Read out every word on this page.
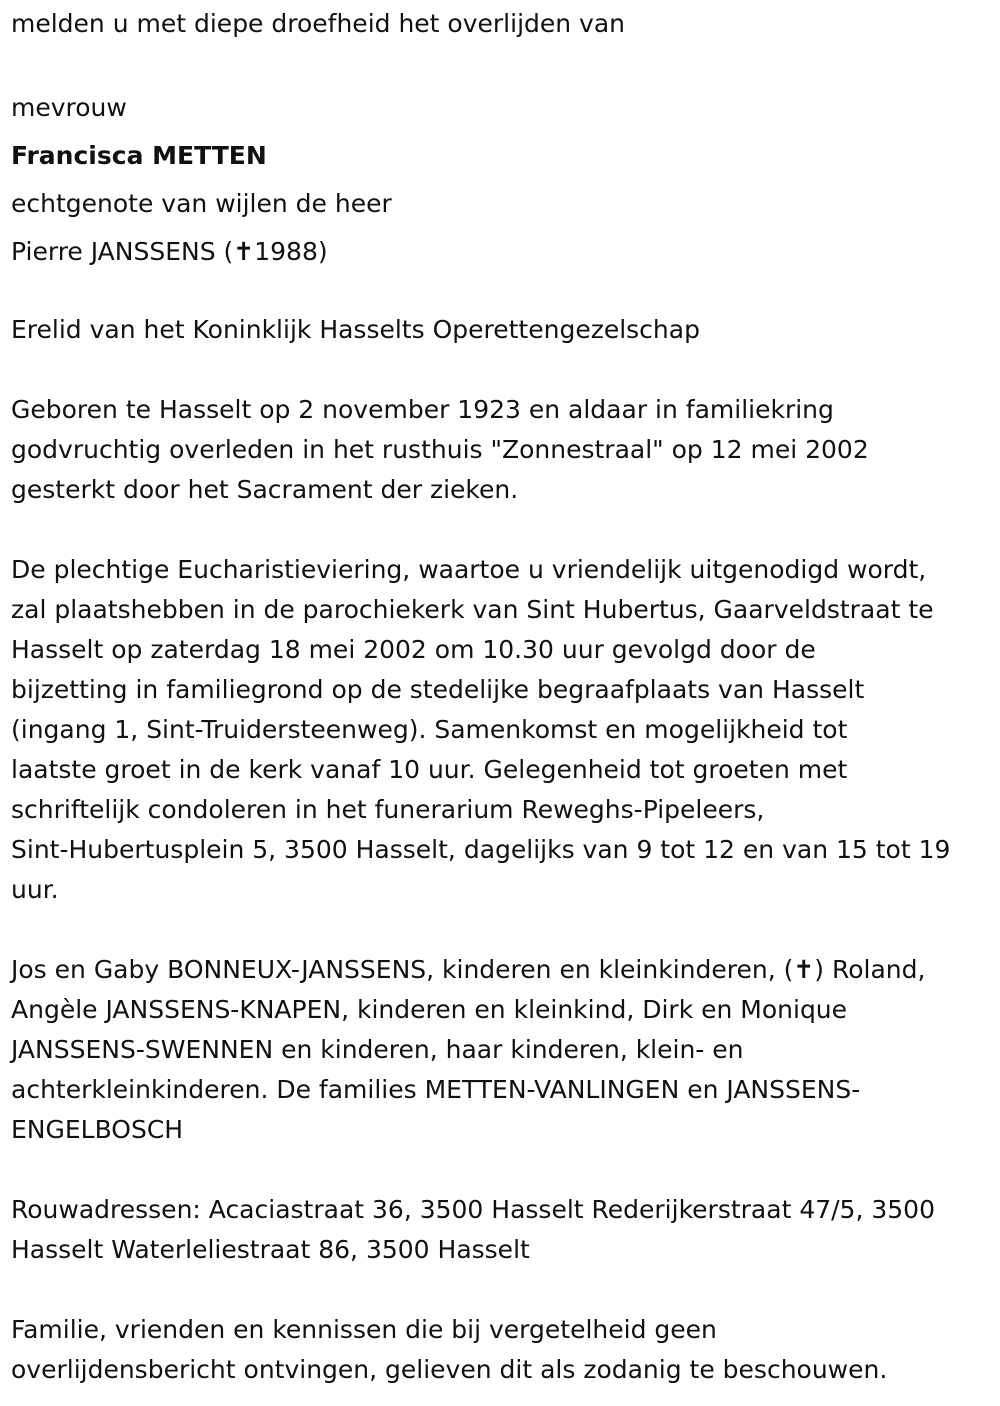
melden u met diepe droefheid het overlijden van

mevrouw

Francisca METTEN

echtgenote van wijlen de heer

Pierre JANSSENS (✝1988)

Erelid van het Koninklijk Hasselts Operettengezelschap

Geboren te Hasselt op 2 november 1923 en aldaar in familiekring

godvruchtig overleden in het rusthuis "Zonnestraal" op 12 mei 2002

gesterkt door het Sacrament der zieken.

De plechtige Eucharistieviering, waartoe u vriendelijk uitgenodigd wordt,

zal plaatshebben in de parochiekerk van Sint Hubertus, Gaarveldstraat te

Hasselt op zaterdag 18 mei 2002 om 10.30 uur gevolgd door de

bijzetting in familiegrond op de stedelijke begraafplaats van Hasselt

(ingang 1, Sint-Truidersteenweg). Samenkomst en mogelijkheid tot

laatste groet in de kerk vanaf 10 uur. Gelegenheid tot groeten met

schriftelijk condoleren in het funerarium Reweghs-Pipeleers,

Sint-Hubertusplein 5, 3500 Hasselt, dagelijks van 9 tot 12 en van 15 tot 19

uur.

Jos en Gaby BONNEUX-JANSSENS, kinderen en kleinkinderen, (✝) Roland,

Angèle JANSSENS-KNAPEN, kinderen en kleinkind, Dirk en Monique

JANSSENS-SWENNEN en kinderen, haar kinderen, klein- en

achterkleinkinderen. De families METTEN-VANLINGEN en JANSSENS-

ENGELBOSCH

Rouwadressen: Acaciastraat 36, 3500 Hasselt Rederijkerstraat 47/5, 3500

Hasselt Waterleliestraat 86, 3500 Hasselt

Familie, vrienden en kennissen die bij vergetelheid geen

overlijdensbericht ontvingen, gelieven dit als zodanig te beschouwen.
